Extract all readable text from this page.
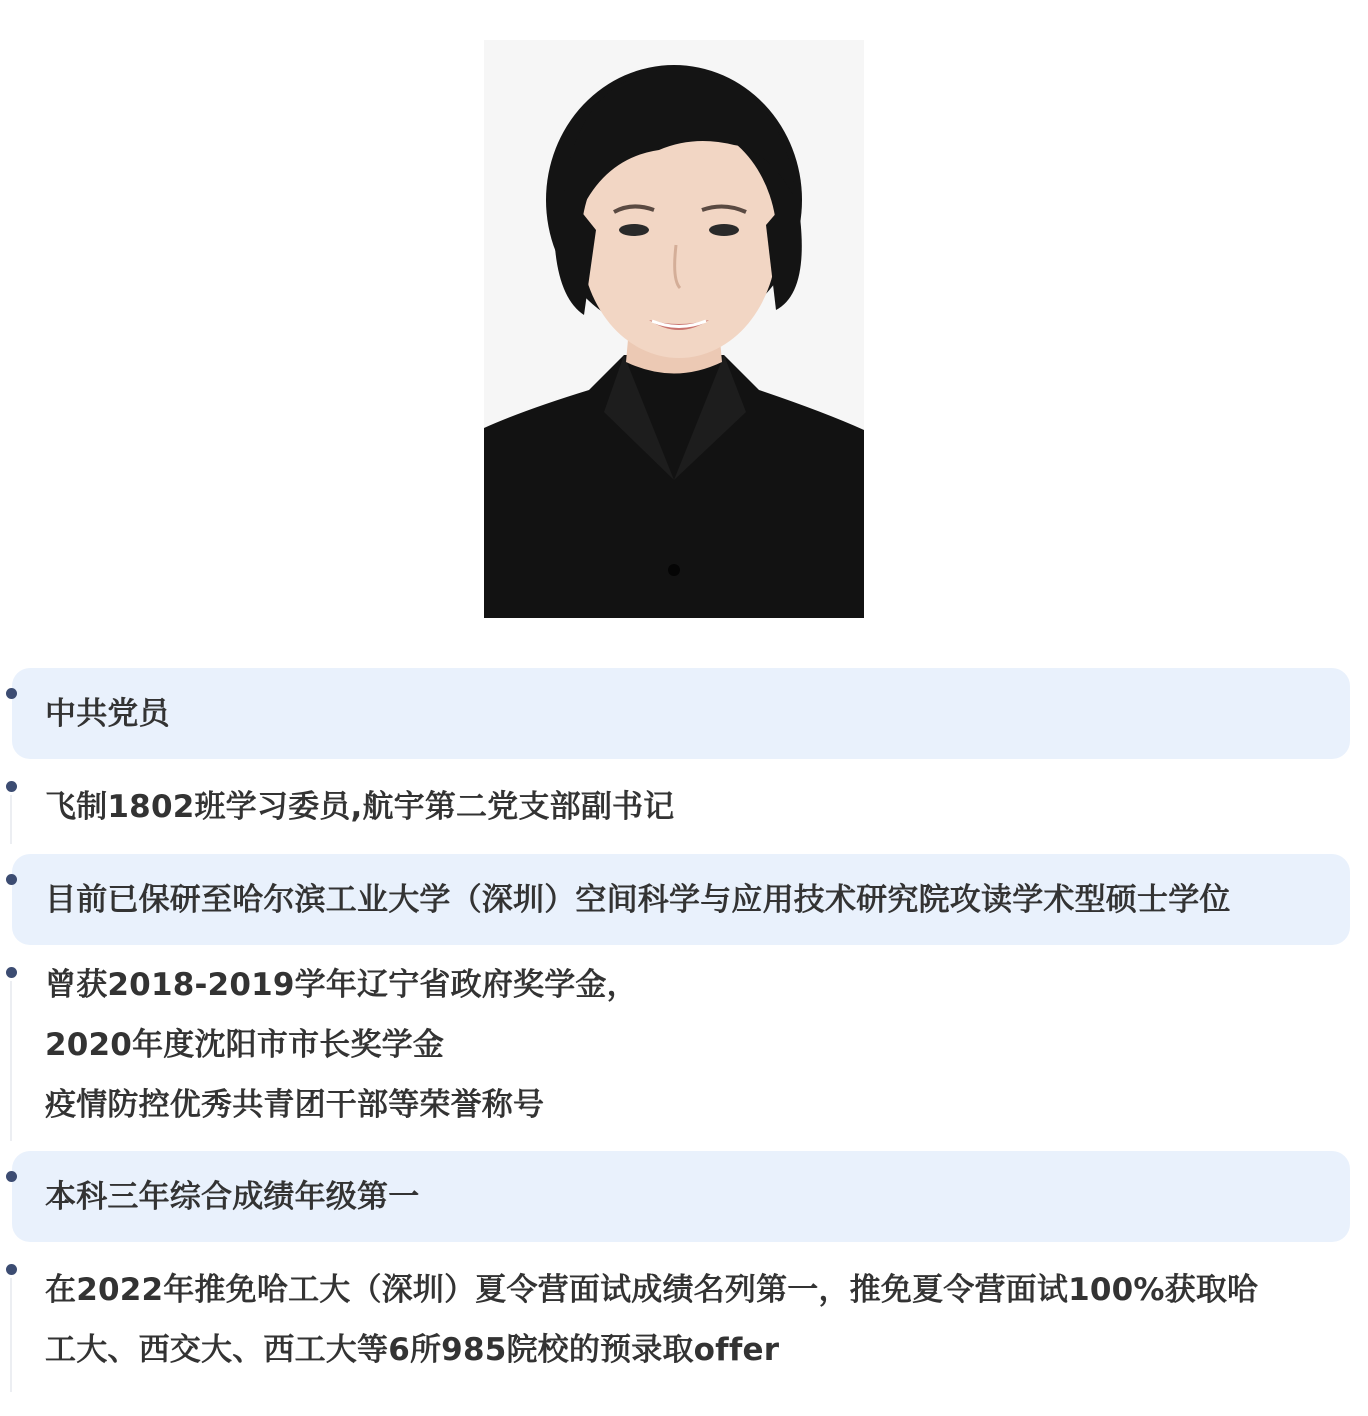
中共党员
飞制1802班学习委员,航宇第二党支部副书记
目前已保研至哈尔滨工业大学（深圳）空间科学与应用技术研究院攻读学术型硕士学位
曾获2018-2019学年辽宁省政府奖学金，
2020年度沈阳市市长奖学金
疫情防控优秀共青团干部等荣誉称号
本科三年综合成绩年级第一
在2022年推免哈工大（深圳）夏令营面试成绩名列第一，推免夏令营面试100%获取哈
工大、西交大、西工大等6所985院校的预录取offer
